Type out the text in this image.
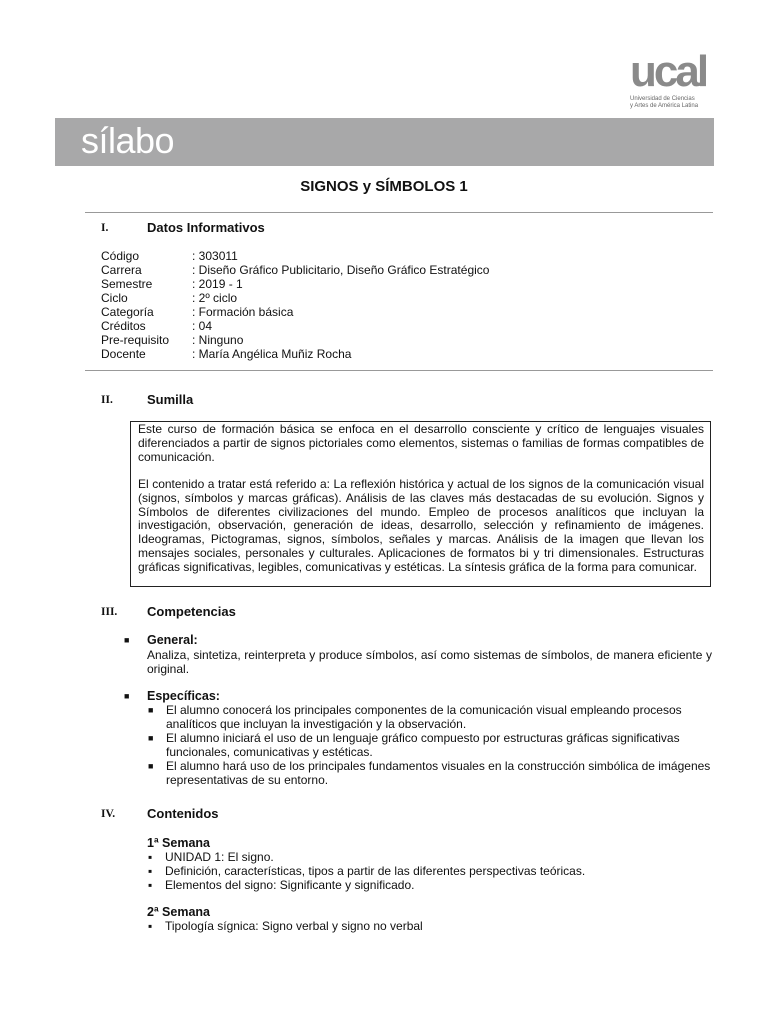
ucal
Universidad de Ciencias
y Artes de América Latina
sílabo
SIGNOS y SÍMBOLOS 1
I.	Datos Informativos
Código	: 303011
Carrera	: Diseño Gráfico Publicitario, Diseño Gráfico Estratégico
Semestre	: 2019 - 1
Ciclo	: 2º ciclo
Categoría	: Formación básica
Créditos	: 04
Pre-requisito	: Ninguno
Docente	: María Angélica Muñiz Rocha
II.	Sumilla

Este curso de formación básica se enfoca en el desarrollo consciente y crítico de lenguajes visuales diferenciados a partir de signos pictoriales como elementos, sistemas o familias de formas compatibles de comunicación.

El contenido a tratar está referido a: La reflexión histórica y actual de los signos de la comunicación visual (signos, símbolos y marcas gráficas). Análisis de las claves más destacadas de su evolución. Signos y Símbolos de diferentes civilizaciones del mundo. Empleo de procesos analíticos que incluyan la investigación, observación, generación de ideas, desarrollo, selección y refinamiento de imágenes. Ideogramas, Pictogramas, signos, símbolos, señales y marcas. Análisis de la imagen que llevan los mensajes sociales, personales y culturales. Aplicaciones de formatos bi y tri dimensionales. Estructuras gráficas significativas, legibles, comunicativas y estéticas. La síntesis gráfica de la forma para comunicar.

III. Competencias
■ General:
Analiza, sintetiza, reinterpreta y produce símbolos, así como sistemas de símbolos, de manera eficiente y original.
■ Específicas:
■ El alumno conocerá los principales componentes de la comunicación visual empleando procesos analíticos que incluyan la investigación y la observación.
■ El alumno iniciará el uso de un lenguaje gráfico compuesto por estructuras gráficas significativas funcionales, comunicativas y estéticas.
■ El alumno hará uso de los principales fundamentos visuales en la construcción simbólica de imágenes representativas de su entorno.
IV. Contenidos
1ª Semana
▪ UNIDAD 1: El signo.
▪ Definición, características, tipos a partir de las diferentes perspectivas teóricas.
▪ Elementos del signo: Significante y significado.
2ª Semana
▪ Tipología sígnica: Signo verbal y signo no verbal
